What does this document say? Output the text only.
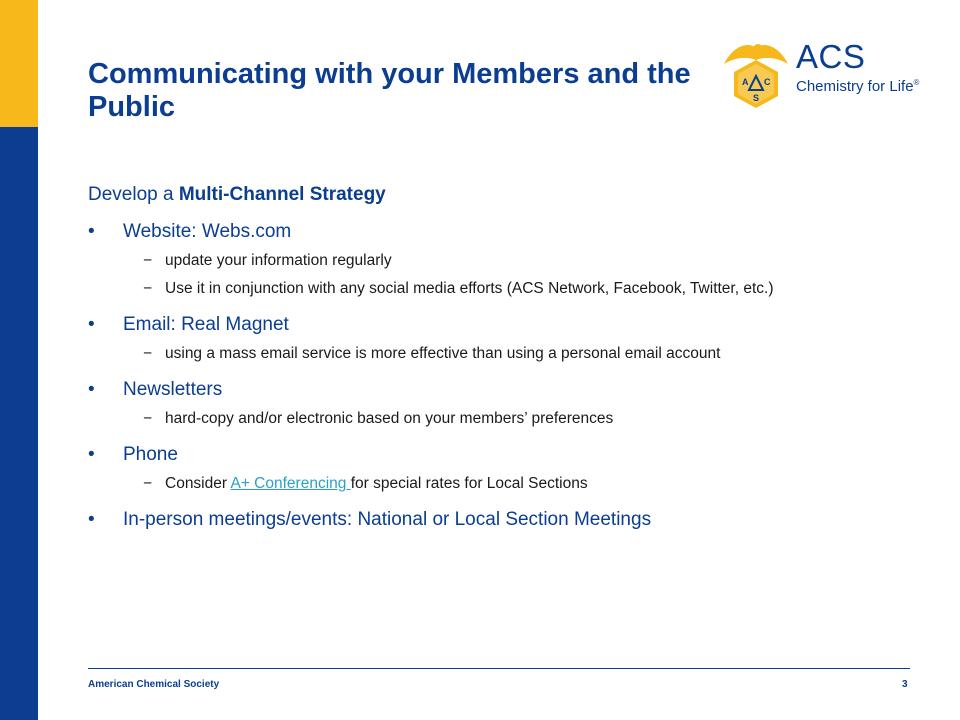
Communicating with your Members and the Public
A C
S
ACS
Chemistry for Life®

Develop a Multi-Channel Strategy

• Website: Webs.com
− update your information regularly
− Use it in conjunction with any social media efforts (ACS Network, Facebook, Twitter, etc.)
• Email: Real Magnet
− using a mass email service is more effective than using a personal email account
• Newsletters
− hard-copy and/or electronic based on your members’ preferences
• Phone
− Consider A+ Conferencing for special rates for Local Sections
• In-person meetings/events: National or Local Section Meetings
American Chemical Society	3
